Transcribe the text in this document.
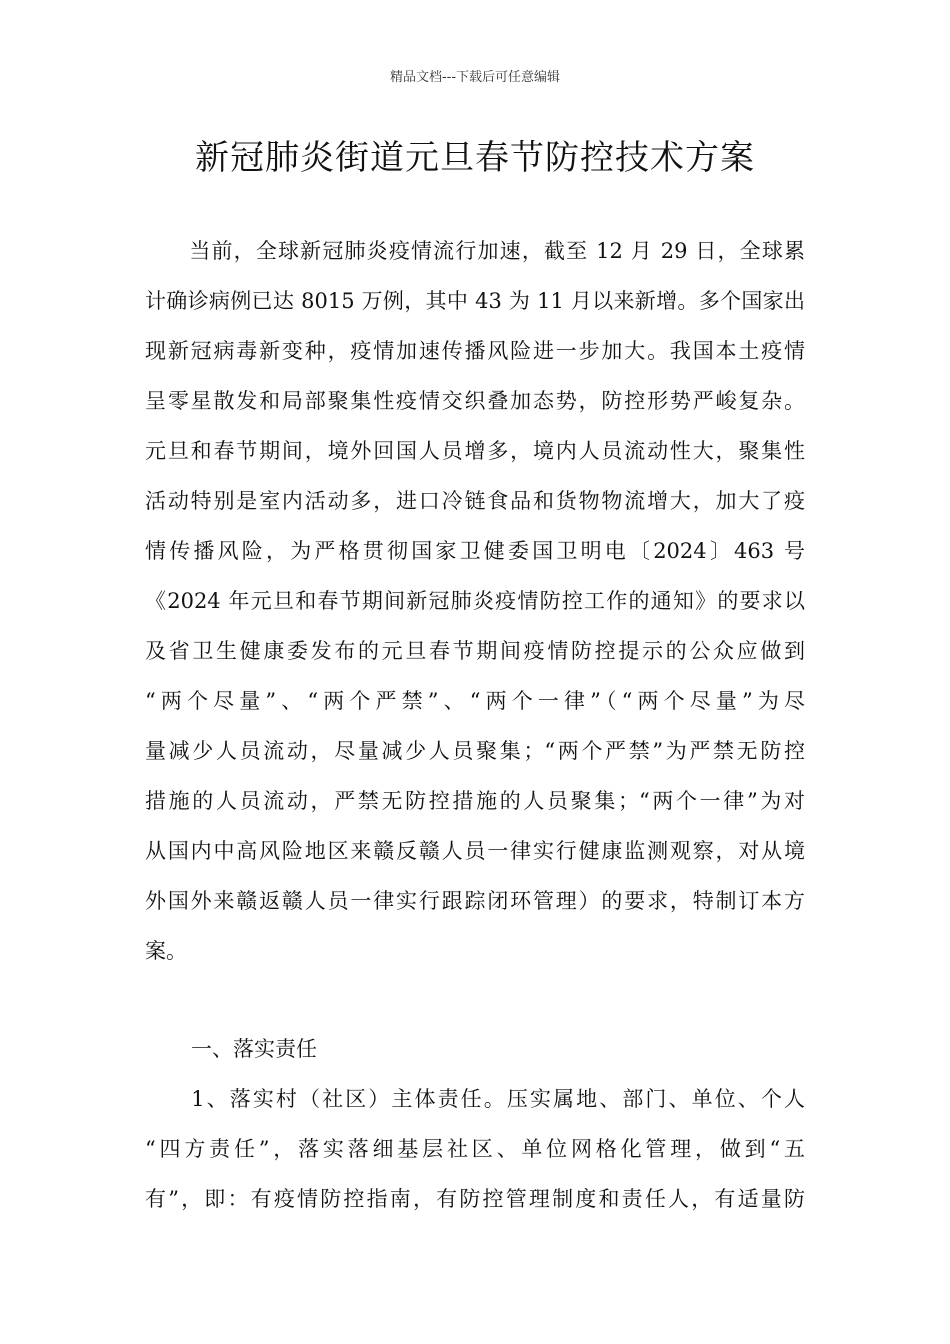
精品文档---下载后可任意编辑
新冠肺炎街道元旦春节防控技术方案
　　当前，全球新冠肺炎疫情流行加速，截至 12 月 29 日，全球累
计确诊病例已达 8015 万例，其中 43 为 11 月以来新增。多个国家出
现新冠病毒新变种，疫情加速传播风险进一步加大。我国本土疫情
呈零星散发和局部聚集性疫情交织叠加态势，防控形势严峻复杂。
元旦和春节期间，境外回国人员增多，境内人员流动性大，聚集性
活动特别是室内活动多，进口冷链食品和货物物流增大，加大了疫
情传播风险，为严格贯彻国家卫健委国卫明电〔2024〕463 号
《2024 年元旦和春节期间新冠肺炎疫情防控工作的通知》的要求以
及省卫生健康委发布的元旦春节期间疫情防控提示的公众应做到
“两个尽量”、“两个严禁”、“两个一律”（“两个尽量”为尽
量减少人员流动，尽量减少人员聚集；“两个严禁”为严禁无防控
措施的人员流动，严禁无防控措施的人员聚集；“两个一律”为对
从国内中高风险地区来赣反赣人员一律实行健康监测观察，对从境
外国外来赣返赣人员一律实行跟踪闭环管理）的要求，特制订本方
案。
一、落实责任
　　1、落实村（社区）主体责任。压实属地、部门、单位、个人
“四方责任”，落实落细基层社区、单位网格化管理，做到“五
有”，即：有疫情防控指南，有防控管理制度和责任人，有适量防
